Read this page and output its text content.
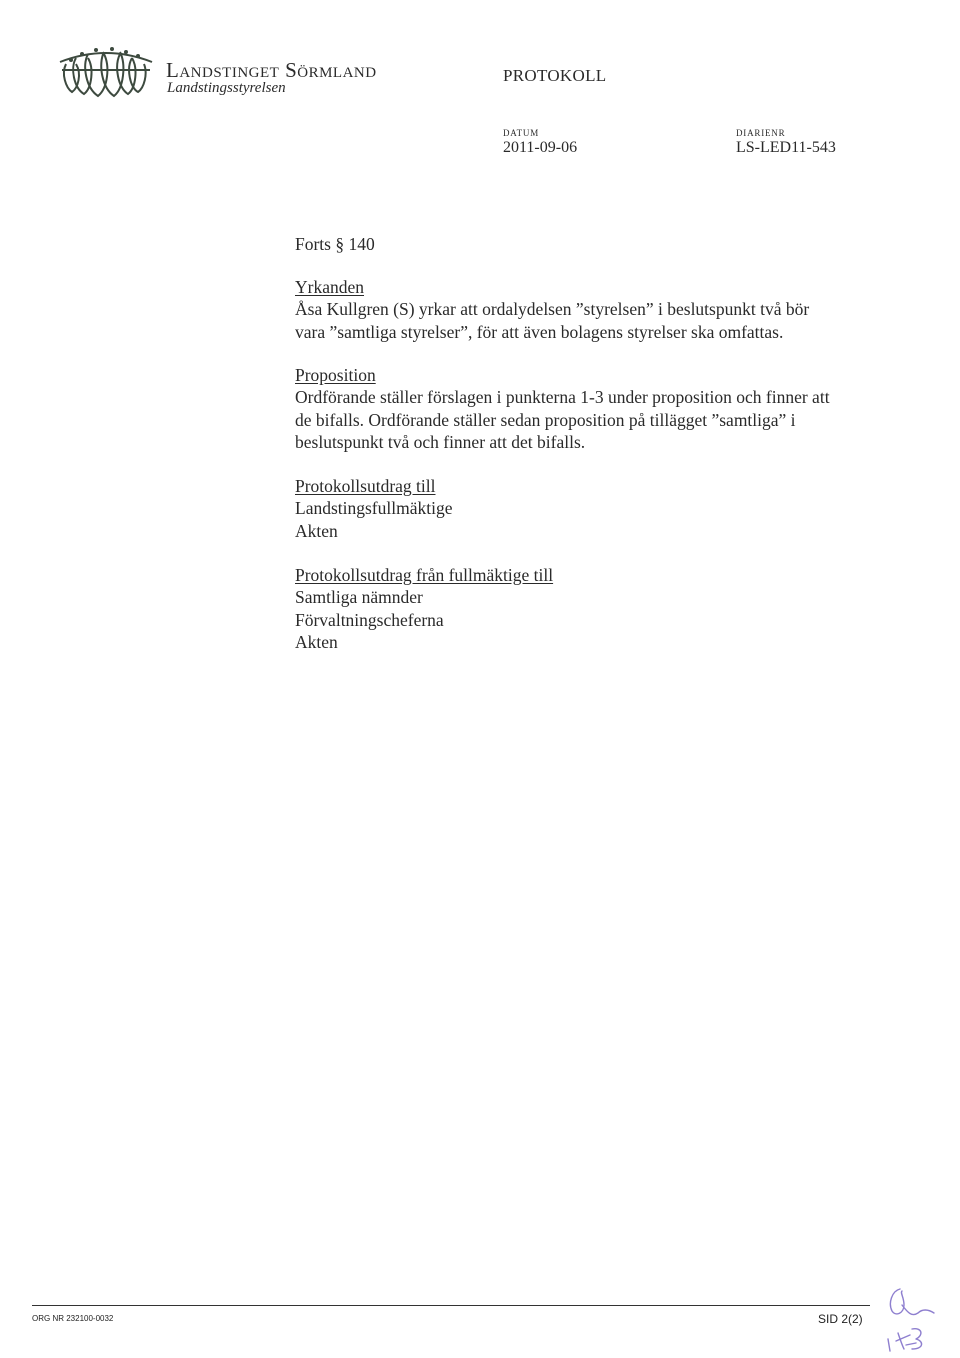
Landstinget Sörmland
Landstingsstyrelsen
PROTOKOLL
DATUM
2011-09-06
DIARIENR
LS-LED11-543
Forts § 140
Yrkanden
Åsa Kullgren (S) yrkar att ordalydelsen ”styrelsen” i beslutspunkt två bör
vara ”samtliga styrelser”, för att även bolagens styrelser ska omfattas.
Proposition
Ordförande ställer förslagen i punkterna 1-3 under proposition och finner att
de bifalls. Ordförande ställer sedan proposition på tillägget ”samtliga” i
beslutspunkt två och finner att det bifalls.
Protokollsutdrag till
Landstingsfullmäktige
Akten
Protokollsutdrag från fullmäktige till
Samtliga nämnder
Förvaltningscheferna
Akten
ORG NR 232100-0032	SID 2(2)
